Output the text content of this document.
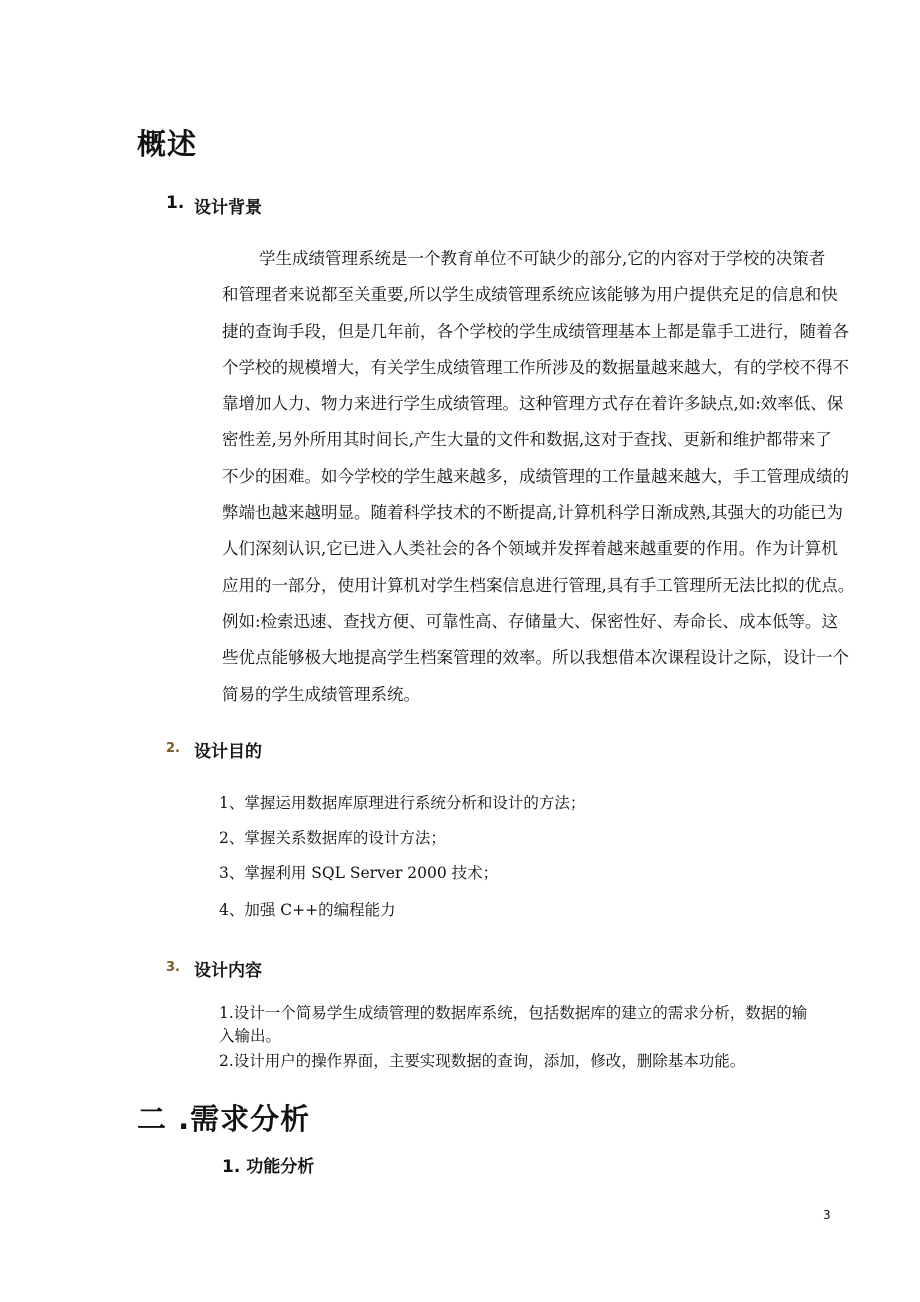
概述
1. 设计背景
学生成绩管理系统是一个教育单位不可缺少的部分,它的内容对于学校的决策者
和管理者来说都至关重要,所以学生成绩管理系统应该能够为用户提供充足的信息和快
捷的查询手段，但是几年前，各个学校的学生成绩管理基本上都是靠手工进行，随着各
个学校的规模增大，有关学生成绩管理工作所涉及的数据量越来越大，有的学校不得不
靠增加人力、物力来进行学生成绩管理。这种管理方式存在着许多缺点,如:效率低、保
密性差,另外所用其时间长,产生大量的文件和数据,这对于查找、更新和维护都带来了
不少的困难。如今学校的学生越来越多，成绩管理的工作量越来越大，手工管理成绩的
弊端也越来越明显。随着科学技术的不断提高,计算机科学日渐成熟,其强大的功能已为
人们深刻认识,它已进入人类社会的各个领域并发挥着越来越重要的作用。作为计算机
应用的一部分，使用计算机对学生档案信息进行管理,具有手工管理所无法比拟的优点。
例如:检索迅速、查找方便、可靠性高、存储量大、保密性好、寿命长、成本低等。这
些优点能够极大地提高学生档案管理的效率。所以我想借本次课程设计之际，设计一个
简易的学生成绩管理系统。
2. 设计目的

1、掌握运用数据库原理进行系统分析和设计的方法；

2、掌握关系数据库的设计方法；

3、掌握利用 SQL Server 2000 技术；

4、加强 C++的编程能力

3. 设计内容

1.设计一个简易学生成绩管理的数据库系统，包括数据库的建立的需求分析，数据的输

入输出。

2.设计用户的操作界面，主要实现数据的查询，添加，修改，删除基本功能。

二 .需求分析
1. 功能分析
3
